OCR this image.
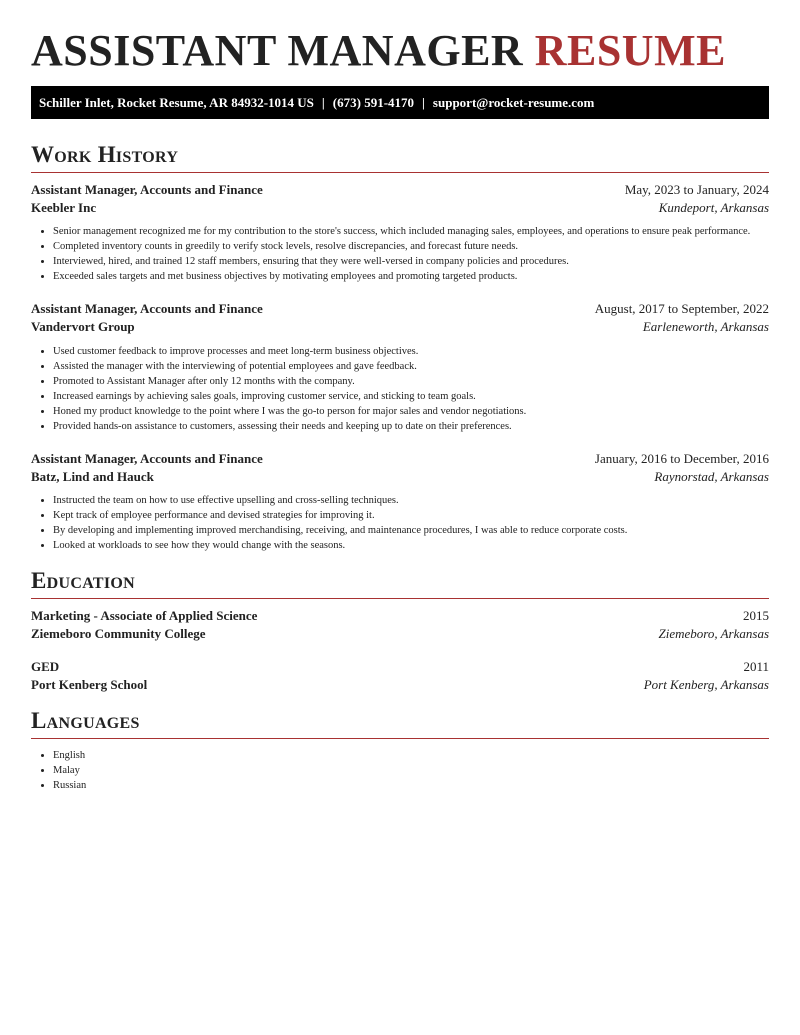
ASSISTANT MANAGER RESUME
Schiller Inlet, Rocket Resume, AR 84932-1014 US | (673) 591-4170 | support@rocket-resume.com
Work History
Assistant Manager, Accounts and Finance	May, 2023 to January, 2024
Keebler Inc	Kundeport, Arkansas
• Senior management recognized me for my contribution to the store's success, which included managing sales, employees, and operations to ensure peak performance.
• Completed inventory counts in greedily to verify stock levels, resolve discrepancies, and forecast future needs.
• Interviewed, hired, and trained 12 staff members, ensuring that they were well-versed in company policies and procedures.
• Exceeded sales targets and met business objectives by motivating employees and promoting targeted products.
Assistant Manager, Accounts and Finance	August, 2017 to September, 2022
Vandervort Group	Earleneworth, Arkansas
• Used customer feedback to improve processes and meet long-term business objectives.
• Assisted the manager with the interviewing of potential employees and gave feedback.
• Promoted to Assistant Manager after only 12 months with the company.
• Increased earnings by achieving sales goals, improving customer service, and sticking to team goals.
• Honed my product knowledge to the point where I was the go-to person for major sales and vendor negotiations.
• Provided hands-on assistance to customers, assessing their needs and keeping up to date on their preferences.
Assistant Manager, Accounts and Finance	January, 2016 to December, 2016
Batz, Lind and Hauck	Raynorstad, Arkansas
• Instructed the team on how to use effective upselling and cross-selling techniques.
• Kept track of employee performance and devised strategies for improving it.
• By developing and implementing improved merchandising, receiving, and maintenance procedures, I was able to reduce corporate costs.
• Looked at workloads to see how they would change with the seasons.
Education
Marketing - Associate of Applied Science	2015
Ziemeboro Community College	Ziemeboro, Arkansas
GED	2011
Port Kenberg School	Port Kenberg, Arkansas
Languages
• English
• Malay
• Russian
